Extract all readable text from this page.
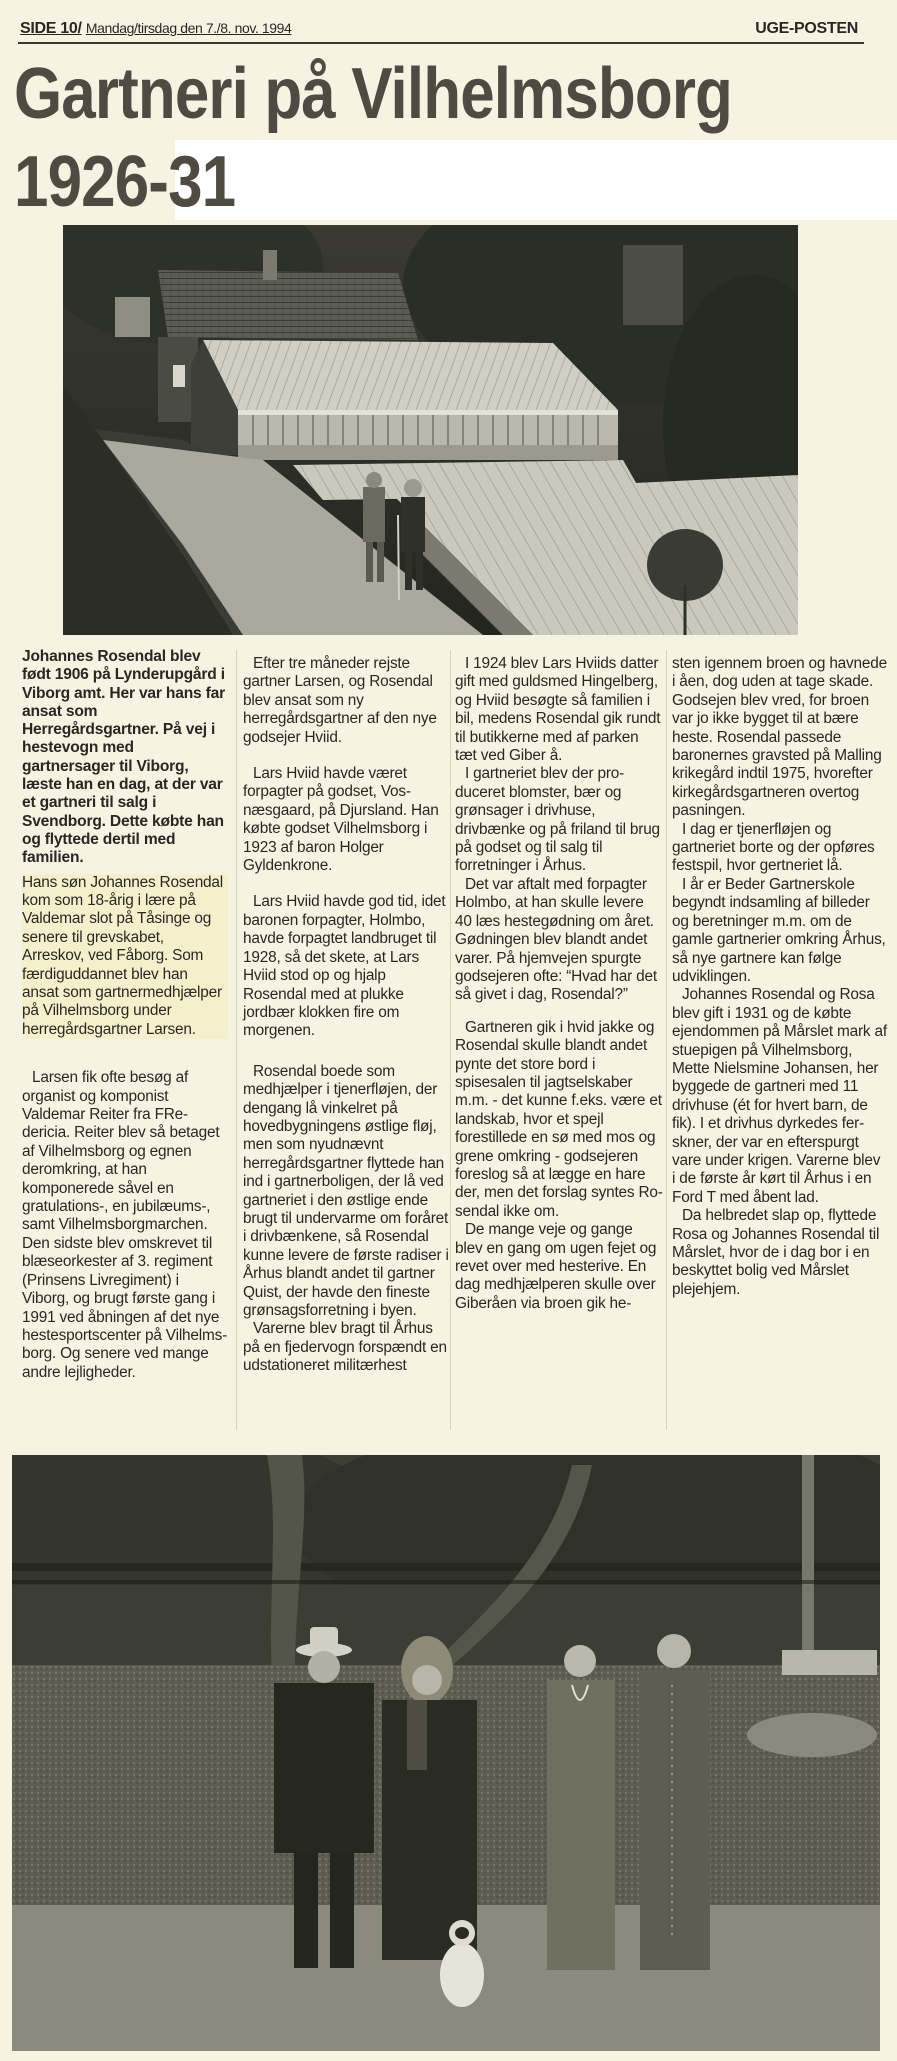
SIDE 10/ Mandag/tirsdag den 7./8. nov. 1994	UGE-POSTEN
Gartneri på Vilhelmsborg
1926-31

Johannes Rosendal blev født 1906 på Lynderupgård i Viborg amt. Her var hans far ansat som Herregårdsgartner. På vej i hestevogn med gartnersager til Viborg, læste han en dag, at der var et gartneri til salg i Svendborg. Dette købte han og flyttede dertil med familien.

Hans søn Johannes Rosendal kom som 18-årig i lære på Valdemar slot på Tåsinge og senere til grevskabet, Arreskov, ved Fåborg. Som færdiguddannet blev han ansat som gartnermedhjælper på Vilhelmsborg under herregårdsgartner Larsen.

Larsen fik ofte besøg af organist og komponist Valdemar Reiter fra FRedericia. Reiter blev så betaget af Vilhelmsborg og egnen deromkring, at han komponerede såvel en gratulations-, en jubilæums-, samt Vilhelmsborgmarchen. Den sidste blev omskrevet til blæseorkester af 3. regiment (Prinsens Livregiment) i Viborg, og brugt første gang i 1991 ved åbningen af det nye hestesportscenter på Vilhelmsborg. Og senere ved mange andre lejligheder.

Efter tre måneder rejste gartner Larsen, og Rosendal blev ansat som ny herregårdsgartner af den nye godsejer Hviid.

Lars Hviid havde været forpagter på godset, Vosnæsgaard, på Djursland. Han købte godset Vilhelmsborg i 1923 af baron Holger Gyldenkrone.

Lars Hviid havde god tid, idet baronen forpagter, Holmbo, havde forpagtet landbruget til 1928, så det skete, at Lars Hviid stod op og hjalp Rosendal med at plukke jordbær klokken fire om morgenen.

Rosendal boede som medhjælper i tjenerfløjen, der dengang lå vinkelret på hovedbygningens østlige fløj, men som nyudnævnt herregårdsgartner flyttede han ind i gartnerboligen, der lå ved gartneriet i den østlige ende brugt til undervarme om foråret i drivbænkene, så Rosendal kunne levere de første radiser i Århus blandt andet til gartner Quist, der havde den fineste grønsagsforretning i byen.

Varerne blev bragt til Århus på en fjedervogn forspændt en udstationeret militærhest

I 1924 blev Lars Hviids datter gift med guldsmed Hingelberg, og Hviid besøgte så familien i bil, medens Rosendal gik rundt til butikkerne med af parken tæt ved Giber å.

I gartneriet blev der produceret blomster, bær og grønsager i drivhuse, drivbænke og på friland til brug på godset og til salg til forretninger i Århus.

Det var aftalt med forpagter Holmbo, at han skulle levere 40 læs hestegødning om året. Gødningen blev blandt andet varer. På hjemvejen spurgte godsejeren ofte: “Hvad har det så givet i dag, Rosendal?”

Gartneren gik i hvid jakke og Rosendal skulle blandt andet pynte det store bord i spisesalen til jagtselskaber m.m. - det kunne f.eks. være et landskab, hvor et spejl forestillede en sø med mos og grene omkring - godsejeren foreslog så at lægge en hare der, men det forslag syntes Rosendal ikke om.

De mange veje og gange blev en gang om ugen fejet og revet over med hesterive. En dag medhjælperen skulle over Giberåen via broen gik he-

sten igennem broen og havnede i åen, dog uden at tage skade. Godsejen blev vred, for broen var jo ikke bygget til at bære heste. Rosendal passede baronernes gravsted på Malling krikegård indtil 1975, hvorefter kirkegårdsgartneren overtog pasningen.

I dag er tjenerfløjen og gartneriet borte og der opføres festspil, hvor gertneriet lå.

I år er Beder Gartnerskole begyndt indsamling af billeder og beretninger m.m. om de gamle gartnerier omkring Århus, så nye gartnere kan følge udviklingen.

Johannes Rosendal og Rosa blev gift i 1931 og de købte ejendommen på Mårslet mark af stuepigen på Vilhelmsborg, Mette Nielsmine Johansen, her byggede de gartneri med 11 drivhuse (ét for hvert barn, de fik). I et drivhus dyrkedes ferskner, der var en efterspurgt vare under krigen. Varerne blev i de første år kørt til Århus i en Ford T med åbent lad.

Da helbredet slap op, flyttede Rosa og Johannes Rosendal til Mårslet, hvor de i dag bor i en beskyttet bolig ved Mårslet plejehjem.
